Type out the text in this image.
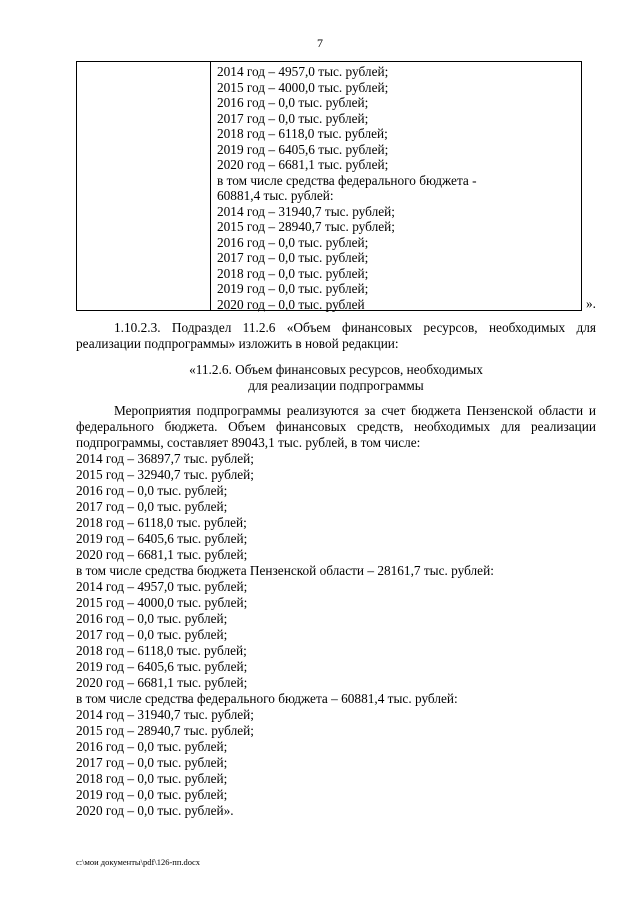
7
2014 год – 4957,0 тыс. рублей;
2015 год – 4000,0 тыс. рублей;
2016 год – 0,0 тыс. рублей;
2017 год – 0,0 тыс. рублей;
2018 год – 6118,0 тыс. рублей;
2019 год – 6405,6 тыс. рублей;
2020 год – 6681,1 тыс. рублей;
в том числе средства федерального бюджета -
60881,4 тыс. рублей:
2014 год – 31940,7 тыс. рублей;
2015 год – 28940,7 тыс. рублей;
2016 год – 0,0 тыс. рублей;
2017 год – 0,0 тыс. рублей;
2018 год – 0,0 тыс. рублей;
2019 год – 0,0 тыс. рублей;
2020 год – 0,0 тыс. рублей	».
1.10.2.3. Подраздел 11.2.6 «Объем финансовых ресурсов, необходимых для реализации подпрограммы» изложить в новой редакции:
«11.2.6. Объем финансовых ресурсов, необходимых
для реализации подпрограммы
Мероприятия подпрограммы реализуются за счет бюджета Пензенской области и федерального бюджета. Объем финансовых средств, необходимых для реализации подпрограммы, составляет 89043,1 тыс. рублей, в том числе:
2014 год – 36897,7 тыс. рублей;
2015 год – 32940,7 тыс. рублей;
2016 год – 0,0 тыс. рублей;
2017 год – 0,0 тыс. рублей;
2018 год – 6118,0 тыс. рублей;
2019 год – 6405,6 тыс. рублей;
2020 год – 6681,1 тыс. рублей;
в том числе средства бюджета Пензенской области – 28161,7 тыс. рублей:
2014 год – 4957,0 тыс. рублей;
2015 год – 4000,0 тыс. рублей;
2016 год – 0,0 тыс. рублей;
2017 год – 0,0 тыс. рублей;
2018 год – 6118,0 тыс. рублей;
2019 год – 6405,6 тыс. рублей;
2020 год – 6681,1 тыс. рублей;
в том числе средства федерального бюджета – 60881,4 тыс. рублей:
2014 год – 31940,7 тыс. рублей;
2015 год – 28940,7 тыс. рублей;
2016 год – 0,0 тыс. рублей;
2017 год – 0,0 тыс. рублей;
2018 год – 0,0 тыс. рублей;
2019 год – 0,0 тыс. рублей;
2020 год – 0,0 тыс. рублей».
c:\мои документы\pdf\126-пп.docx
